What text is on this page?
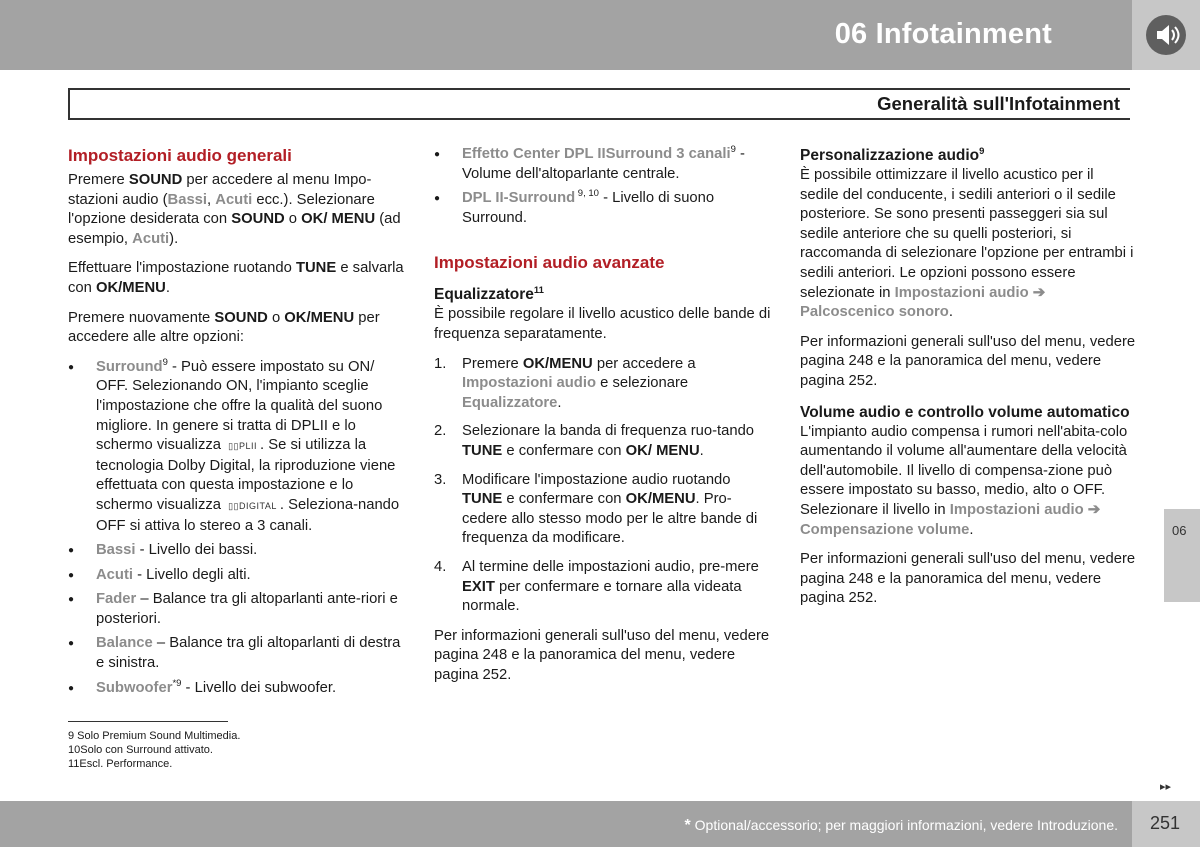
06 Infotainment
Generalità sull'Infotainment
Impostazioni audio generali

Premere SOUND per accedere al menu Impo-stazioni audio (Bassi, Acuti ecc.). Selezionare l'opzione desiderata con SOUND o OK/ MENU (ad esempio, Acuti).

Effettuare l'impostazione ruotando TUNE e salvarla con OK/MENU.

Premere nuovamente SOUND o OK/MENU per accedere alle altre opzioni:

● Surround$^9$ - Può essere impostato su ON/ OFF. Selezionando ON, l'impianto sceglie l'impostazione che offre la qualità del suono migliore. In genere si tratta di DPLII e lo schermo visualizza ▯▯PLII . Se si utilizza la tecnologia Dolby Digital, la riproduzione viene effettuata con questa impostazione e lo schermo visualizza ▯▯DIGITAL . Seleziona-nando OFF si attiva lo stereo a 3 canali.
● Bassi - Livello dei bassi.
● Acuti - Livello degli alti.
● Fader – Balance tra gli altoparlanti ante-riori e posteriori.
● Balance – Balance tra gli altoparlanti di destra e sinistra.
● Subwoofer$^{*9}$ - Livello dei subwoofer.
● Effetto Center DPL IISurround 3 canali$^9$ - Volume dell'altoparlante centrale.
● DPL II-Surround $^{9, 10}$ - Livello di suono Surround.
Impostazioni audio avanzate
Equalizzatore$^{11}$

È possibile regolare il livello acustico delle bande di frequenza separatamente.

1. Premere OK/MENU per accedere a Impostazioni audio e selezionare Equalizzatore.
2. Selezionare la banda di frequenza ruo-tando TUNE e confermare con OK/ MENU.
3. Modificare l'impostazione audio ruotando TUNE e confermare con OK/MENU. Pro-cedere allo stesso modo per le altre bande di frequenza da modificare.
4. Al termine delle impostazioni audio, pre-mere EXIT per confermare e tornare alla videata normale.

Per informazioni generali sull'uso del menu, vedere pagina 248 e la panoramica del menu, vedere pagina 252.

Personalizzazione audio$^9$

È possibile ottimizzare il livello acustico per il sedile del conducente, i sedili anteriori o il sedile posteriore. Se sono presenti passeggeri sia sul sedile anteriore che su quelli posteriori, si raccomanda di selezionare l'opzione per entrambi i sedili anteriori. Le opzioni possono essere selezionate in Impostazioni audio ➔ Palcoscenico sonoro.

Per informazioni generali sull'uso del menu, vedere pagina 248 e la panoramica del menu, vedere pagina 252.

Volume audio e controllo volume automatico

L'impianto audio compensa i rumori nell'abita-colo aumentando il volume all'aumentare della velocità dell'automobile. Il livello di compensa-zione può essere impostato su basso, medio, alto o OFF. Selezionare il livello in Impostazioni audio ➔ Compensazione volume.

Per informazioni generali sull'uso del menu, vedere pagina 248 e la panoramica del menu, vedere pagina 252.

9 Solo Premium Sound Multimedia.
10Solo con Surround attivato.
11Escl. Performance.
06
▸▸
* Optional/accessorio; per maggiori informazioni, vedere Introduzione. 251
